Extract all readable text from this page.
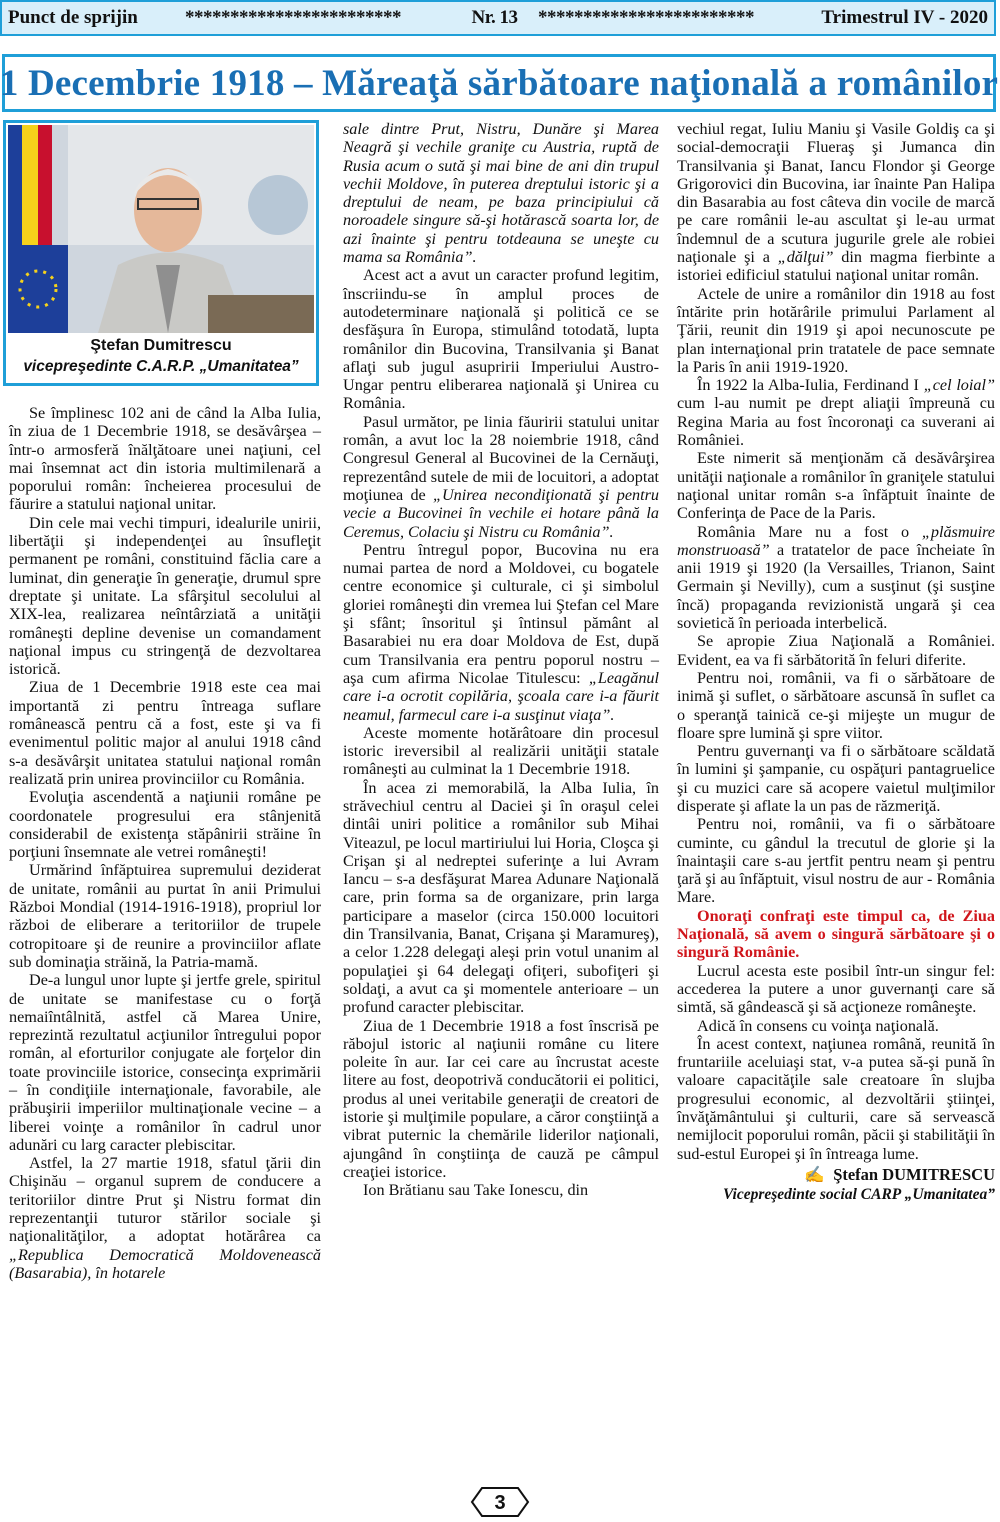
Punct de sprijin ************************	Nr. 13	************************	Trimestrul IV - 2020
1 Decembrie 1918 – Măreaţă sărbătoare naţională a românilor
Ştefan Dumitrescu
vicepreşedinte C.A.R.P. „Umanitatea”

Se împlinesc 102 ani de când la Alba Iulia, în ziua de 1 Decembrie 1918, se desăvârşea – într-o armosferă înălţătoare unei naţiuni, cel mai însemnat act din istoria multimilenară a poporului român: încheierea procesului de făurire a statului naţional unitar.

Din cele mai vechi timpuri, idealurile unirii, libertăţii şi independenţei au însufleţit permanent pe români, constituind făclia care a luminat, din generaţie în generaţie, drumul spre dreptate şi unitate. La sfârşitul secolului al XIX-lea, realizarea neîntârziată a unităţii româneşti depline devenise un comandament naţional impus cu stringenţă de dezvoltarea istorică.

Ziua de 1 Decembrie 1918 este cea mai importantă zi pentru întreaga suflare românească pentru că a fost, este şi va fi evenimentul politic major al anului 1918 când s-a desăvârşit unitatea statului naţional român realizată prin unirea provinciilor cu România.

Evoluţia ascendentă a naţiunii române pe coordonatele progresului era stânjenită considerabil de existenţa stăpânirii străine în porţiuni însemnate ale vetrei româneşti!

Urmărind înfăptuirea supremului deziderat de unitate, românii au purtat în anii Primului Război Mondial (1914-1916-1918), propriul lor război de eliberare a teritoriilor de trupele cotropitoare şi de reunire a provinciilor aflate sub dominaţia străină, la Patria-mamă.

De-a lungul unor lupte şi jertfe grele, spiritul de unitate se manifestase cu o forţă nemaiîntâlnită, astfel că Marea Unire, reprezintă rezultatul acţiunilor întregului popor român, al eforturilor conjugate ale forţelor din toate provinciile istorice, consecinţa exprimării – în condiţiile internaţionale, favorabile, ale prăbuşirii imperiilor multinaţionale vecine – a liberei voinţe a românilor în cadrul unor adunări cu larg caracter plebiscitar.

Astfel, la 27 martie 1918, sfatul ţării din Chişinău – organul suprem de conducere a teritoriilor dintre Prut şi Nistru format din reprezentanţii tuturor stărilor sociale şi naţionalităţilor, a adoptat hotărârea ca „Republica Democratică Moldovenească (Basarabia), în hotarele

sale dintre Prut, Nistru, Dunăre şi Marea Neagră şi vechile graniţe cu Austria, ruptă de Rusia acum o sută şi mai bine de ani din trupul vechii Moldove, în puterea dreptului istoric şi a dreptului de neam, pe baza principiului că noroadele singure să-şi hotărască soarta lor, de azi înainte şi pentru totdeauna se uneşte cu mama sa România”.

Acest act a avut un caracter profund legitim, înscriindu-se în amplul proces de autodeterminare naţională şi politică ce se desfăşura în Europa, stimulând totodată, lupta românilor din Bucovina, Transilvania şi Banat aflaţi sub jugul asupririi Imperiului Austro-Ungar pentru eliberarea naţională şi Unirea cu România.

Pasul următor, pe linia făuririi statului unitar român, a avut loc la 28 noiembrie 1918, când Congresul General al Bucovinei de la Cernăuţi, reprezentând sutele de mii de locuitori, a adoptat moţiunea de „Unirea necondiţionată şi pentru vecie a Bucovinei în vechile ei hotare până la Ceremus, Colaciu şi Nistru cu România”.

Pentru întregul popor, Bucovina nu era numai partea de nord a Moldovei, cu bogatele centre economice şi culturale, ci şi simbolul gloriei româneşti din vremea lui Ştefan cel Mare şi sfânt; însoritul şi întinsul pământ al Basarabiei nu era doar Moldova de Est, după cum Transilvania era pentru poporul nostru – aşa cum afirma Nicolae Titulescu: „Leagănul care i-a ocrotit copilăria, şcoala care i-a făurit neamul, farmecul care i-a susţinut viaţa”.

Aceste momente hotărâtoare din procesul istoric ireversibil al realizării unităţii statale româneşti au culminat la 1 Decembrie 1918.

În acea zi memorabilă, la Alba Iulia, în străvechiul centru al Daciei şi în oraşul celei dintâi uniri politice a românilor sub Mihai Viteazul, pe locul martiriului lui Horia, Cloşca şi Crişan şi al nedreptei suferinţe a lui Avram Iancu – s-a desfăşurat Marea Adunare Naţională care, prin forma sa de organizare, prin larga participare a maselor (circa 150.000 locuitori din Transilvania, Banat, Crişana şi Maramureş), a celor 1.228 delegaţi aleşi prin votul unanim al populaţiei şi 64 delegaţi ofiţeri, subofiţeri şi soldaţi, a avut ca şi momentele anterioare – un profund caracter plebiscitar.

Ziua de 1 Decembrie 1918 a fost înscrisă pe răbojul istoric al naţiunii române cu litere poleite în aur. Iar cei care au încrustat aceste litere au fost, deopotrivă conducătorii ei politici, produs al unei veritabile generaţii de creatori de istorie şi mulţimile populare, a căror conştiinţă a vibrat puternic la chemările liderilor naţionali, ajungând în conştiinţa de cauză pe câmpul creaţiei istorice.

Ion Brătianu sau Take Ionescu, din

vechiul regat, Iuliu Maniu şi Vasile Goldiş ca şi social-democraţii Flueraş şi Jumanca din Transilvania şi Banat, Iancu Flondor şi George Grigorovici din Bucovina, iar înainte Pan Halipa din Basarabia au fost câteva din vocile de marcă pe care românii le-au ascultat şi le-au urmat îndemnul de a scutura jugurile grele ale robiei naţionale şi a „dălţui” din magma fierbinte a istoriei edificiul statului naţional unitar român.

Actele de unire a românilor din 1918 au fost întărite prin hotărârile primului Parlament al Ţării, reunit din 1919 şi apoi necunoscute pe plan internaţional prin tratatele de pace semnate la Paris în anii 1919-1920.

În 1922 la Alba-Iulia, Ferdinand I „cel loial” cum l-au numit pe drept aliaţii împreună cu Regina Maria au fost încoronaţi ca suverani ai României.

Este nimerit să menţionăm că desăvârşirea unităţii naţionale a românilor în graniţele statului naţional unitar român s-a înfăptuit înainte de Conferinţa de Pace de la Paris.

România Mare nu a fost o „plăsmuire monstruoasă” a tratatelor de pace încheiate în anii 1919 şi 1920 (la Versailles, Trianon, Saint Germain şi Nevilly), cum a susţinut (şi susţine încă) propaganda revizionistă ungară şi cea sovietică în perioada interbelică.

Se apropie Ziua Naţională a României. Evident, ea va fi sărbătorită în feluri diferite.

Pentru noi, românii, va fi o sărbătoare de inimă şi suflet, o sărbătoare ascunsă în suflet ca o speranţă tainică ce-şi mijeşte un mugur de floare spre lumină şi spre viitor.

Pentru guvernanţi va fi o sărbătoare scăldată în lumini şi şampanie, cu ospăţuri pantagruelice şi cu muzici care să acopere vaietul mulţimilor disperate şi aflate la un pas de răzmeriţă.

Pentru noi, românii, va fi o sărbătoare cuminte, cu gândul la trecutul de glorie şi la înaintaşii care s-au jertfit pentru neam şi pentru ţară şi au înfăptuit, visul nostru de aur - România Mare.

Onoraţi confraţi este timpul ca, de Ziua Naţională, să avem o singură sărbătoare şi o singură Românie.

Lucrul acesta este posibil într-un singur fel: accederea la putere a unor guvernanţi care să simtă, să gândească şi să acţioneze româneşte.

Adică în consens cu voinţa naţională.

În acest context, naţiunea română, reunită în fruntariile aceluiaşi stat, v-a putea să-şi pună în valoare capacităţile sale creatoare în slujba progresului economic, al dezvoltării ştiinţei, învăţământului şi culturii, care să servească nemijlocit poporului român, păcii şi stabilităţii în sud-estul Europei şi în întreaga lume.

✍ Ştefan DUMITRESCU
Vicepreşedinte social CARP „Umanitatea”
3
